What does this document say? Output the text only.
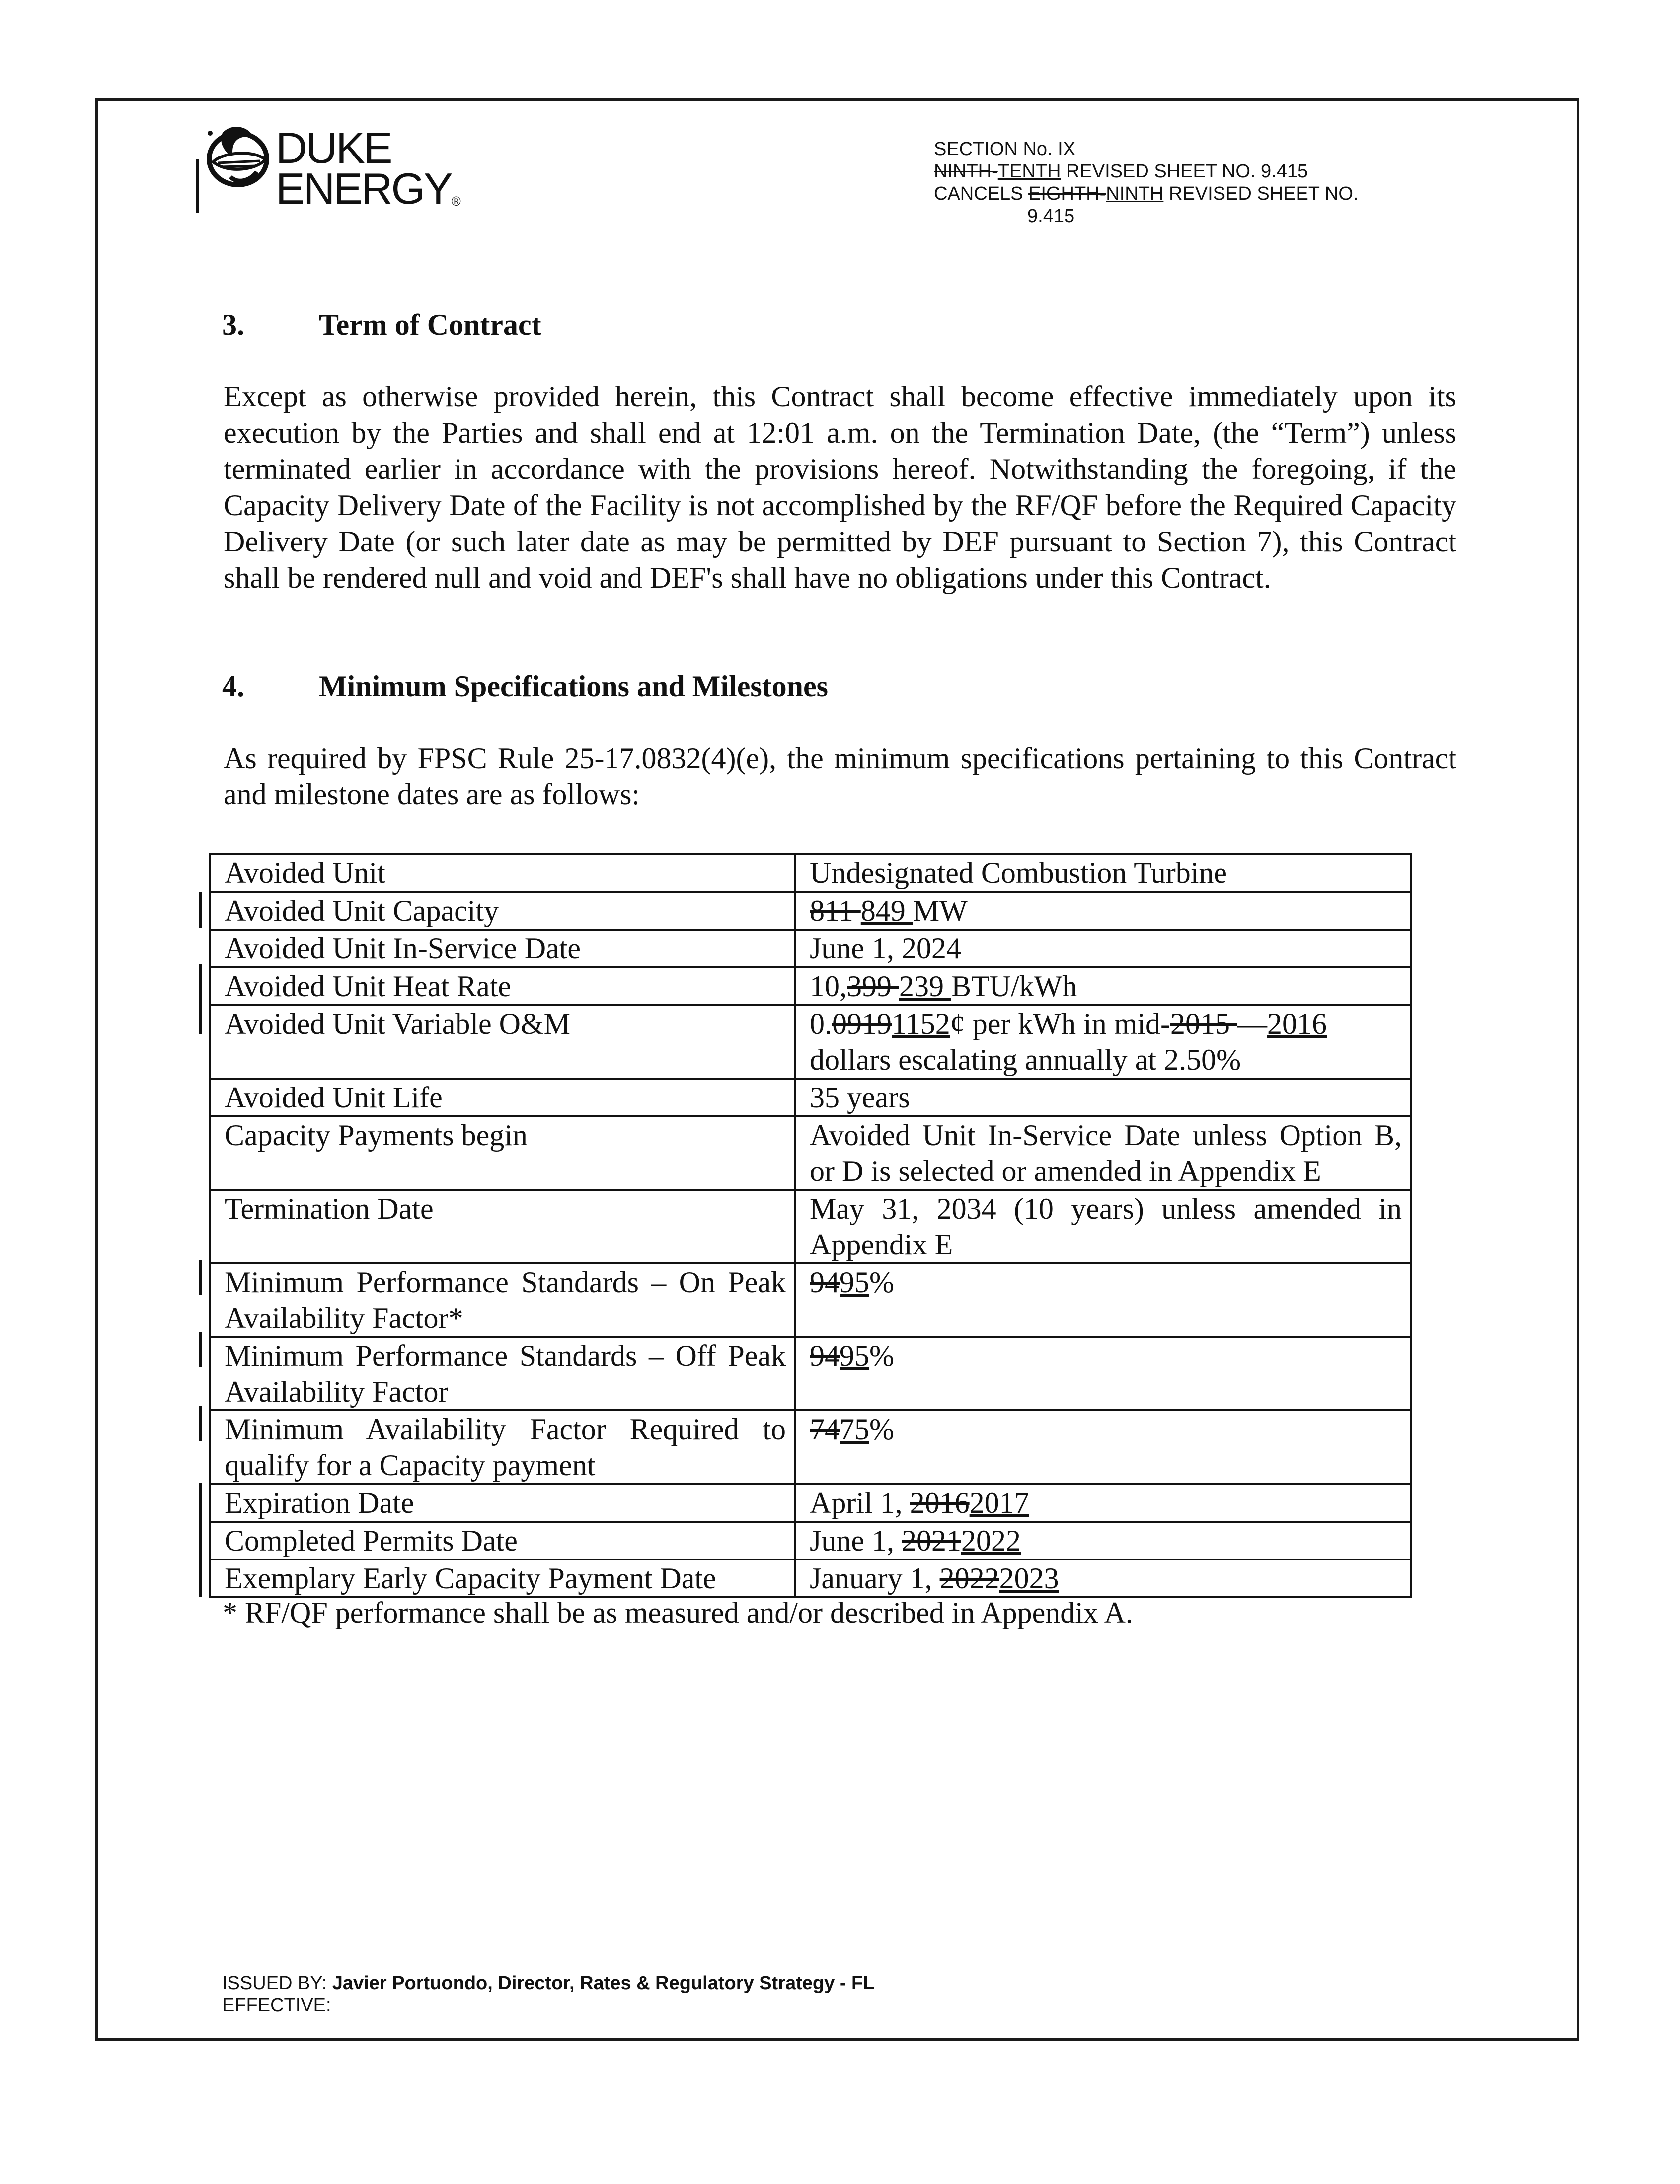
DUKE
ENERGY®
SECTION No. IX
NINTH-TENTH REVISED SHEET NO. 9.415
CANCELS EIGHTH-NINTH REVISED SHEET NO.
9.415
3.	Term of Contract
Except as otherwise provided herein, this Contract shall become effective immediately upon its execution by the Parties and shall end at 12:01 a.m. on the Termination Date, (the “Term”) unless terminated earlier in accordance with the provisions hereof. Notwithstanding the foregoing, if the Capacity Delivery Date of the Facility is not accomplished by the RF/QF before the Required Capacity Delivery Date (or such later date as may be permitted by DEF pursuant to Section 7), this Contract shall be rendered null and void and DEF's shall have no obligations under this Contract.
4.	Minimum Specifications and Milestones
As required by FPSC Rule 25-17.0832(4)(e), the minimum specifications pertaining to this Contract and milestone dates are as follows:
Avoided Unit	Undesignated Combustion Turbine
Avoided Unit Capacity	811 849 MW
Avoided Unit In-Service Date	June 1, 2024
Avoided Unit Heat Rate	10,399 239 BTU/kWh
Avoided Unit Variable O&M	0.09191152¢ per kWh in mid-2015 —2016
dollars escalating annually at 2.50%

Avoided Unit Life	35 years
Capacity Payments begin	Avoided Unit In-Service Date unless Option B, or D is selected or amended in Appendix E
Termination Date	May 31, 2034 (10 years) unless amended in Appendix E
Minimum Performance Standards – On Peak Availability Factor*	9495%
Minimum Performance Standards – Off Peak Availability Factor	9495%
Minimum Availability Factor Required to qualify for a Capacity payment	7475%
Expiration Date	April 1, 20162017
Completed Permits Date	June 1, 20212022
Exemplary Early Capacity Payment Date	January 1, 20222023
* RF/QF performance shall be as measured and/or described in Appendix A.
ISSUED BY: Javier Portuondo, Director, Rates & Regulatory Strategy - FL
EFFECTIVE:
